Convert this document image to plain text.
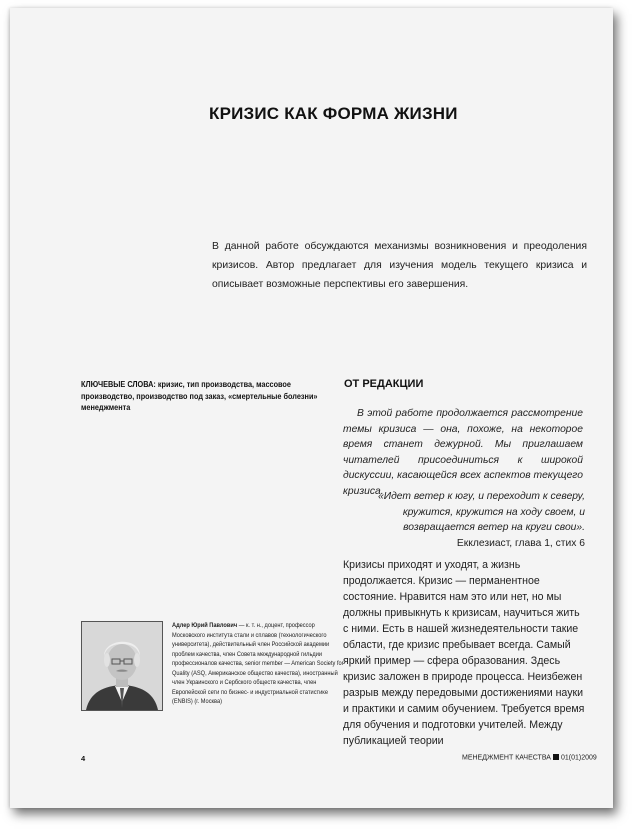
КРИЗИС КАК ФОРМА ЖИЗНИ
В данной работе обсуждаются механизмы возникновения и преодоления кризисов. Автор предлагает для изучения модель текущего кризиса и описывает возможные перспективы его завершения.
КЛЮЧЕВЫЕ СЛОВА: кризис, тип производства, массовое производство, производство под заказ, «смертельные болезни» менеджмента
ОТ РЕДАКЦИИ
В этой работе продолжается рассмотрение темы кризиса — она, похоже, на некоторое время станет дежурной. Мы приглашаем читателей присоединиться к широкой дискуссии, касающейся всех аспектов текущего кризиса.
«Идет ветер к югу, и переходит к северу, кружится, кружится на ходу своем, и возвращается ветер на круги свои».
Екклезиаст, глава 1, стих 6
Кризисы приходят и уходят, а жизнь продолжается. Кризис — перманентное состояние. Нравится нам это или нет, но мы должны привыкнуть к кризисам, научиться жить с ними. Есть в нашей жизнедеятельности такие области, где кризис пребывает всегда. Самый яркий пример — сфера образования. Здесь кризис заложен в природе процесса. Неизбежен разрыв между передовыми достижениями науки и практики и самим обучением. Требуется время для обучения и подготовки учителей. Между публикацией теории
Адлер Юрий Павлович — к. т. н., доцент, профессор Московского института стали и сплавов (технологического университета), действительный член Российской академии проблем качества, член Совета международной гильдии профессионалов качества, senior member — American Society for Quality (ASQ, Американское общество качества), иностранный член Украинского и Сербского обществ качества, член Европейской сети по бизнес- и индустриальной статистике (ENBIS) (г. Москва)
4	МЕНЕДЖМЕНТ КАЧЕСТВА 01(01)2009
